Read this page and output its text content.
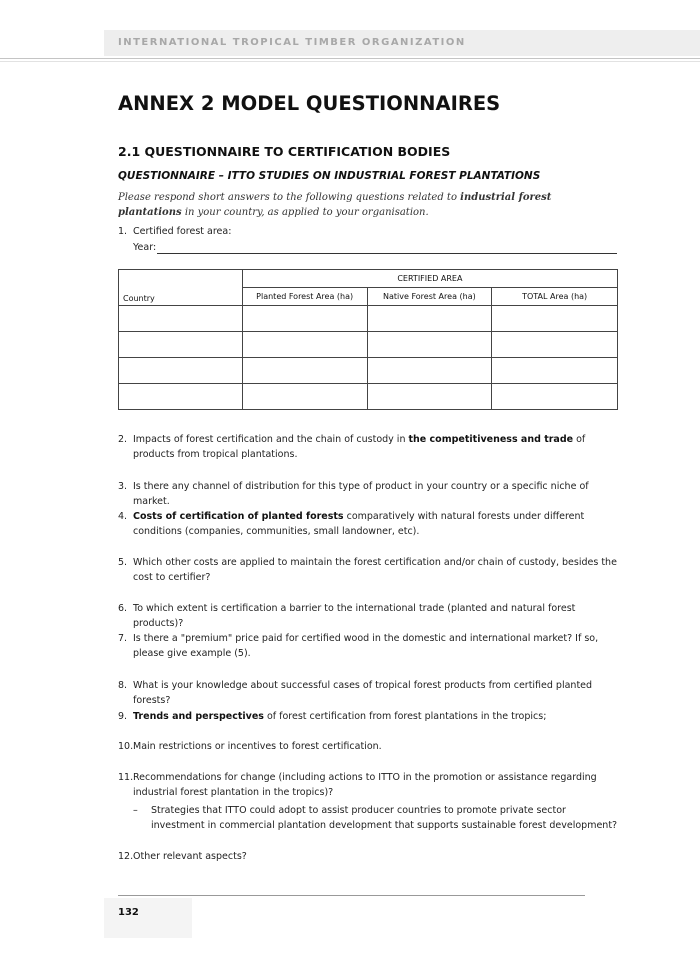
INTERNATIONAL TROPICAL TIMBER ORGANIZATION
ANNEX 2 MODEL QUESTIONNAIRES
2.1 QUESTIONNAIRE TO CERTIFICATION BODIES
QUESTIONNAIRE – ITTO STUDIES ON INDUSTRIAL FOREST PLANTATIONS
Please respond short answers to the following questions related to industrial forest plantations in your country, as applied to your organisation.
1. Certified forest area:
Year:
Country	CERTIFIED AREA		
	Planted Forest Area (ha)	Native Forest Area (ha)	TOTAL Area (ha)

2. Impacts of forest certification and the chain of custody in the competitiveness and trade of products from tropical plantations.
3. Is there any channel of distribution for this type of product in your country or a specific niche of market.
4. Costs of certification of planted forests comparatively with natural forests under different conditions (companies, communities, small landowner, etc).
5. Which other costs are applied to maintain the forest certification and/or chain of custody, besides the cost to certifier?
6. To which extent is certification a barrier to the international trade (planted and natural forest products)?
7. Is there a "premium" price paid for certified wood in the domestic and international market? If so, please give example (5).
8. What is your knowledge about successful cases of tropical forest products from certified planted forests?
9. Trends and perspectives of forest certification from forest plantations in the tropics;
10. Main restrictions or incentives to forest certification.
11. Recommendations for change (including actions to ITTO in the promotion or assistance regarding industrial forest plantation in the tropics)?
– Strategies that ITTO could adopt to assist producer countries to promote private sector investment in commercial plantation development that supports sustainable forest development?
12. Other relevant aspects?
132
